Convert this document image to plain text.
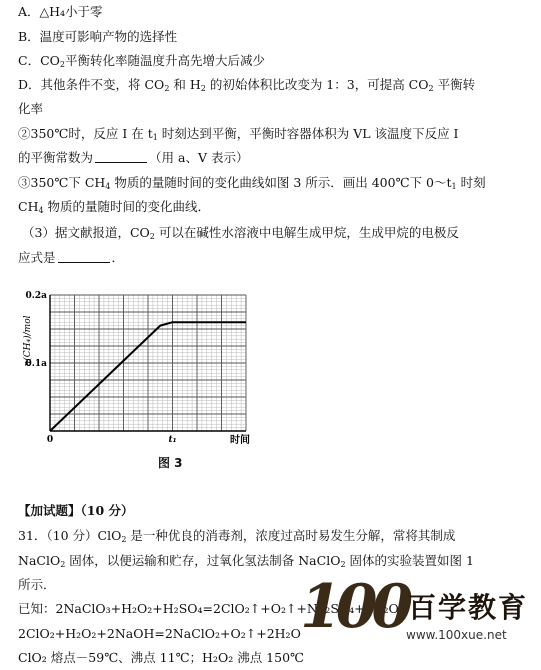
A．△H₄小于零
B．温度可影响产物的选择性
C．$CO_2$平衡转化率随温度升高先增大后减少
D．其他条件不变，将 $CO_2$ 和 $H_2$ 的初始体积比改变为 1：3，可提高 $CO_2$ 平衡转
化率
②350℃时，反应 I 在 $t_1$ 时刻达到平衡，平衡时容器体积为 VL 该温度下反应 I
的平衡常数为	（用 a、V 表示）
③350℃下 $CH_4$ 物质的量随时间的变化曲线如图 3 所示．画出 400℃下 $0\sim t_1$ 时刻
$CH_4$ 物质的量随时间的变化曲线．
（3）据文献报道，$CO_2$ 可以在碱性水溶液中电解生成甲烷，生成甲烷的电极反
应式是	．
0.1a
0.2a
0	t₁
n(CH₄)/mol
时间
图 3
【加试题】（10 分）
31．（10 分）ClO$_2$ 是一种优良的消毒剂，浓度过高时易发生分解，常将其制成
NaClO$_2$ 固体，以便运输和贮存，过氧化氢法制备 NaClO$_2$ 固体的实验装置如图 1
所示．
已知：2NaClO₃+H₂O₂+H₂SO₄=2ClO₂↑+O₂↑+Na₂SO₄+2H₂O
2ClO₂+H₂O₂+2NaOH=2NaClO₂+O₂↑+2H₂O
ClO₂ 熔点－59℃、沸点 11℃；H₂O₂ 沸点 150℃
100 百学教育
www.100xue.net
